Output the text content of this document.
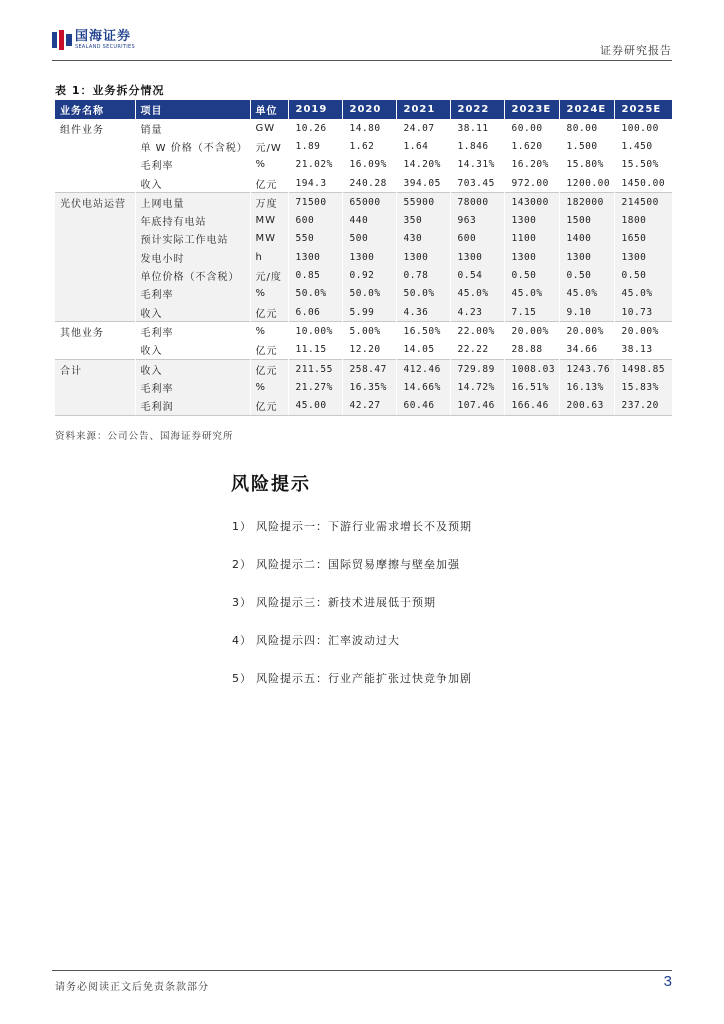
国海证券
SEALAND SECURITIES	证券研究报告
表 1：业务拆分情况
业务名称	项目	单位	2019	2020	2021	2022	2023E	2024E	2025E
组件业务	销量	GW	10.26	14.80	24.07	38.11	60.00	80.00	100.00
	单 W 价格（不含税）	元/W	1.89	1.62	1.64	1.846	1.620	1.500	1.450
	毛利率	%	21.02%	16.09%	14.20%	14.31%	16.20%	15.80%	15.50%
	收入	亿元	194.3	240.28	394.05	703.45	972.00	1200.00	1450.00
光伏电站运营	上网电量	万度	71500	65000	55900	78000	143000	182000	214500
	年底持有电站	MW	600	440	350	963	1300	1500	1800
	预计实际工作电站	MW	550	500	430	600	1100	1400	1650
	发电小时	h	1300	1300	1300	1300	1300	1300	1300
	单位价格（不含税）	元/度	0.85	0.92	0.78	0.54	0.50	0.50	0.50
	毛利率	%	50.0%	50.0%	50.0%	45.0%	45.0%	45.0%	45.0%
	收入	亿元	6.06	5.99	4.36	4.23	7.15	9.10	10.73
其他业务	毛利率	%	10.00%	5.00%	16.50%	22.00%	20.00%	20.00%	20.00%
	收入	亿元	11.15	12.20	14.05	22.22	28.88	34.66	38.13
合计	收入	亿元	211.55	258.47	412.46	729.89	1008.03	1243.76	1498.85
	毛利率	%	21.27%	16.35%	14.66%	14.72%	16.51%	16.13%	15.83%
	毛利润	亿元	45.00	42.27	60.46	107.46	166.46	200.63	237.20
资料来源：公司公告、国海证券研究所
风险提示
1） 风险提示一：下游行业需求增长不及预期
2） 风险提示二：国际贸易摩擦与壁垒加强
3） 风险提示三：新技术进展低于预期
4） 风险提示四：汇率波动过大
5） 风险提示五：行业产能扩张过快竞争加剧
请务必阅读正文后免责条款部分	3
